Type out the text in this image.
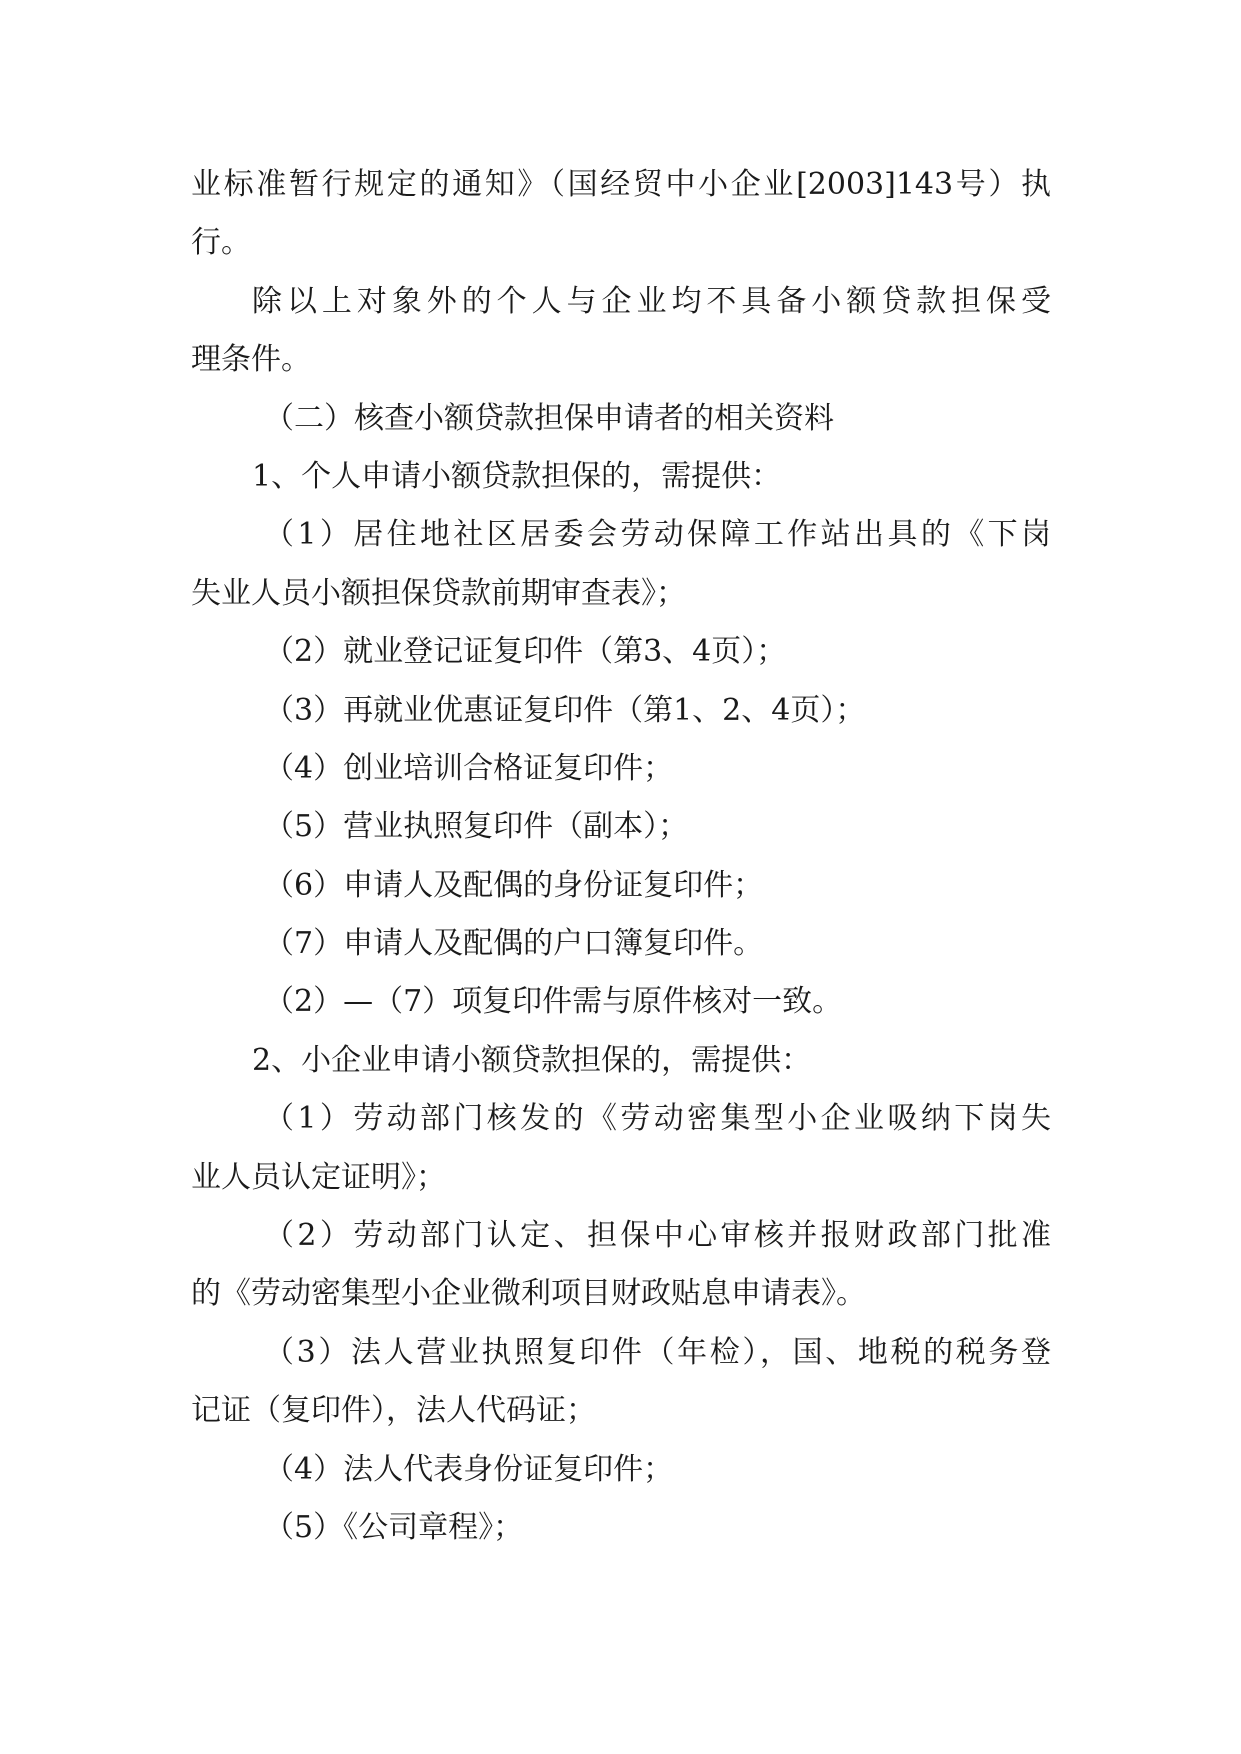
业标准暂行规定的通知》（国经贸中小企业[2003]143号）执
行。
除以上对象外的个人与企业均不具备小额贷款担保受
理条件。
（二）核查小额贷款担保申请者的相关资料
1、个人申请小额贷款担保的，需提供：
（1）居住地社区居委会劳动保障工作站出具的《下岗
失业人员小额担保贷款前期审查表》；
（2）就业登记证复印件（第3、4页）；
（3）再就业优惠证复印件（第1、2、4页）；
（4）创业培训合格证复印件；
（5）营业执照复印件（副本）；
（6）申请人及配偶的身份证复印件；
（7）申请人及配偶的户口簿复印件。
（2）—（7）项复印件需与原件核对一致。
2、小企业申请小额贷款担保的，需提供：
（1）劳动部门核发的《劳动密集型小企业吸纳下岗失
业人员认定证明》；
（2）劳动部门认定、担保中心审核并报财政部门批准
的《劳动密集型小企业微利项目财政贴息申请表》。
（3）法人营业执照复印件（年检），国、地税的税务登
记证（复印件），法人代码证；
（4）法人代表身份证复印件；
（5）《公司章程》；
